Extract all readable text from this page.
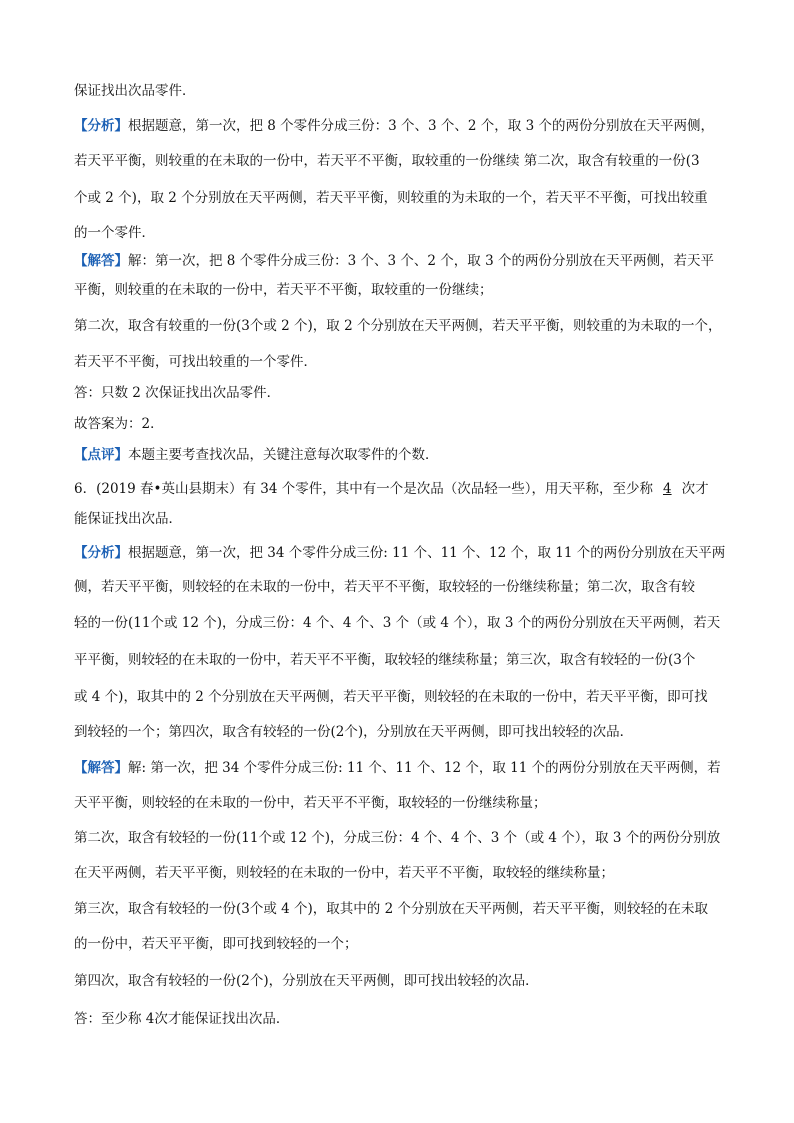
保证找出次品零件．
【分析】根据题意，第一次，把 8 个零件分成三份：3 个、3 个、2 个，取 3 个的两份分别放在天平两侧，
若天平平衡，则较重的在未取的一份中，若天平不平衡，取较重的一份继续 第二次，取含有较重的一份(3
个或 2 个)，取 2 个分别放在天平两侧，若天平平衡，则较重的为未取的一个，若天平不平衡，可找出较重
的一个零件．
【解答】解：第一次，把 8 个零件分成三份：3 个、3 个、2 个，取 3 个的两份分别放在天平两侧，若天平
平衡，则较重的在未取的一份中，若天平不平衡，取较重的一份继续；
第二次，取含有较重的一份(3个或 2 个)，取 2 个分别放在天平两侧，若天平平衡，则较重的为未取的一个，
若天平不平衡，可找出较重的一个零件．
答：只数 2 次保证找出次品零件．
故答案为：2．
【点评】本题主要考查找次品，关键注意每次取零件的个数．
6．(2019 春•英山县期末）有 34 个零件，其中有一个是次品（次品轻一些），用天平称，至少称 4 次才
能保证找出次品．
【分析】根据题意，第一次，把 34 个零件分成三份: 11 个、11 个、12 个，取 11 个的两份分别放在天平两
侧，若天平平衡，则较轻的在未取的一份中，若天平不平衡，取较轻的一份继续称量；第二次，取含有较
轻的一份(11个或 12 个)，分成三份：4 个、4 个、3 个（或 4 个），取 3 个的两份分别放在天平两侧，若天
平平衡，则较轻的在未取的一份中，若天平不平衡，取较轻的继续称量；第三次，取含有较轻的一份(3个
或 4 个)，取其中的 2 个分别放在天平两侧，若天平平衡，则较轻的在未取的一份中，若天平平衡，即可找
到较轻的一个；第四次，取含有较轻的一份(2个)，分别放在天平两侧，即可找出较轻的次品．
【解答】解: 第一次，把 34 个零件分成三份: 11 个、11 个、12 个，取 11 个的两份分别放在天平两侧，若
天平平衡，则较轻的在未取的一份中，若天平不平衡，取较轻的一份继续称量；
第二次，取含有较轻的一份(11个或 12 个)，分成三份：4 个、4 个、3 个（或 4 个），取 3 个的两份分别放
在天平两侧，若天平平衡，则较轻的在未取的一份中，若天平不平衡，取较轻的继续称量；
第三次，取含有较轻的一份(3个或 4 个)，取其中的 2 个分别放在天平两侧，若天平平衡，则较轻的在未取
的一份中，若天平平衡，即可找到较轻的一个；
第四次，取含有较轻的一份(2个)，分别放在天平两侧，即可找出较轻的次品．
答：至少称 4次才能保证找出次品．
